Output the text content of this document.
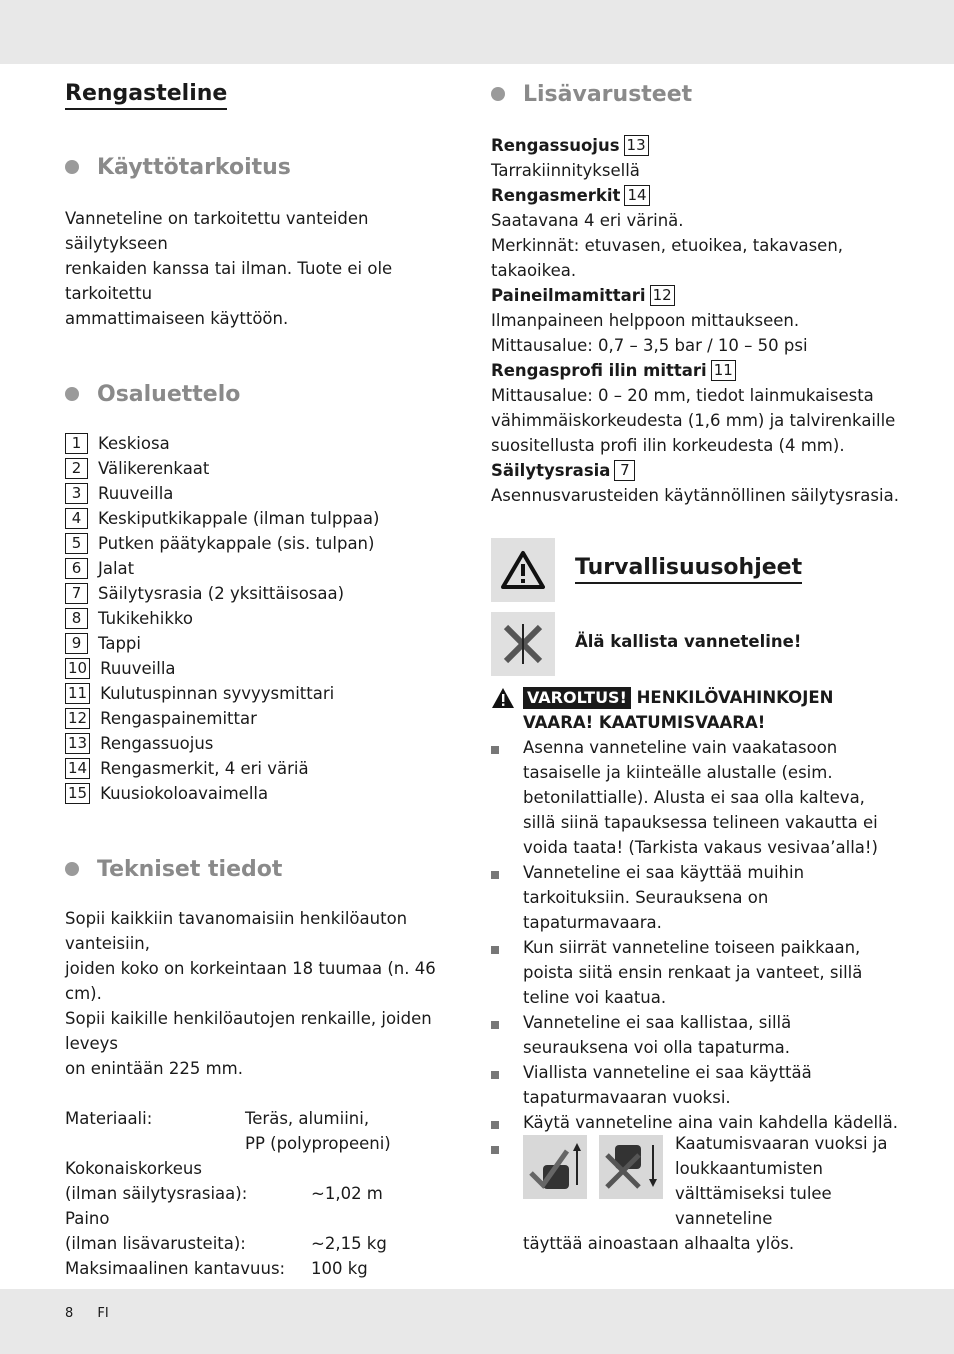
Rengasteline
Käyttötarkoitus

Vanneteline on tarkoitettu vanteiden säilytykseen

renkaiden kanssa tai ilman. Tuote ei ole tarkoitettu

ammattimaiseen käyttöön.

Osaluettelo
1	Keskiosa
2	Välikerenkaat
3	Ruuveilla
4	Keskiputkikappale (ilman tulppaa)
5	Putken päätykappale (sis. tulpan)
6	Jalat
7	Säilytysrasia (2 yksittäisosaa)
8	Tukikehikko
9	Tappi
10 Ruuveilla
11 Kulutuspinnan syvyysmittari
12 Rengaspainemittar
13 Rengassuojus
14 Rengasmerkit, 4 eri väriä
15 Kuusiokoloavaimella
Tekniset tiedot

Sopii kaikkiin tavanomaisiin henkilöauton vanteisiin,

joiden koko on korkeintaan 18 tuumaa (n. 46 cm).

Sopii kaikille henkilöautojen renkaille, joiden leveys

on enintään 225 mm.

Materiaali:	Teräs, alumiini,
PP (polypropeeni)
Kokonaiskorkeus
(ilman säilytysrasiaa):	~1,02 m
Paino
(ilman lisävarusteita):	~2,15 kg
Maksimaalinen kantavuus:	100 kg
Lisävarusteet
Rengassuojus 13
Tarrakiinnityksellä
Rengasmerkit 14
Saatavana 4 eri värinä.
Merkinnät: etuvasen, etuoikea, takavasen, takaoikea.
Paineilmamittari 12
Ilmanpaineen helppoon mittaukseen.
Mittausalue: 0,7 – 3,5 bar / 10 – 50 psi
Rengasprofi ilin mittari 11
Mittausalue: 0 – 20 mm, tiedot lainmukaisesta
vähimmäiskorkeudesta (1,6 mm) ja talvirenkaille
suositellusta profi ilin korkeudesta (4 mm).
Säilytysrasia 7
Asennusvarusteiden käytännöllinen säilytysrasia.
Turvallisuusohjeet
Älä kallista vanneteline!
VAROLTUS! HENKILÖVAHINKOJEN
VAARA! KAATUMISVAARA!
Asenna vanneteline vain vaakatasoon tasaiselle ja kiinteälle alustalle (esim. betonilattialle). Alusta ei saa olla kalteva, sillä siinä tapauksessa telineen vakautta ei voida taata! (Tarkista vakaus vesivaa’alla!)
Vanneteline ei saa käyttää muihin tarkoituksiin. Seurauksena on tapaturmavaara.
Kun siirrät vanneteline toiseen paikkaan, poista siitä ensin renkaat ja vanteet, sillä teline voi kaatua.
Vanneteline ei saa kallistaa, sillä seurauksena voi olla tapaturma.
Viallista vanneteline ei saa käyttää tapaturmavaaran vuoksi.
Käytä vanneteline aina vain kahdella kädellä.
Kaatumisvaaran vuoksi ja
loukkaantumisten
välttämiseksi tulee
vanneteline
täyttää ainoastaan alhaalta ylös.
8 FI
